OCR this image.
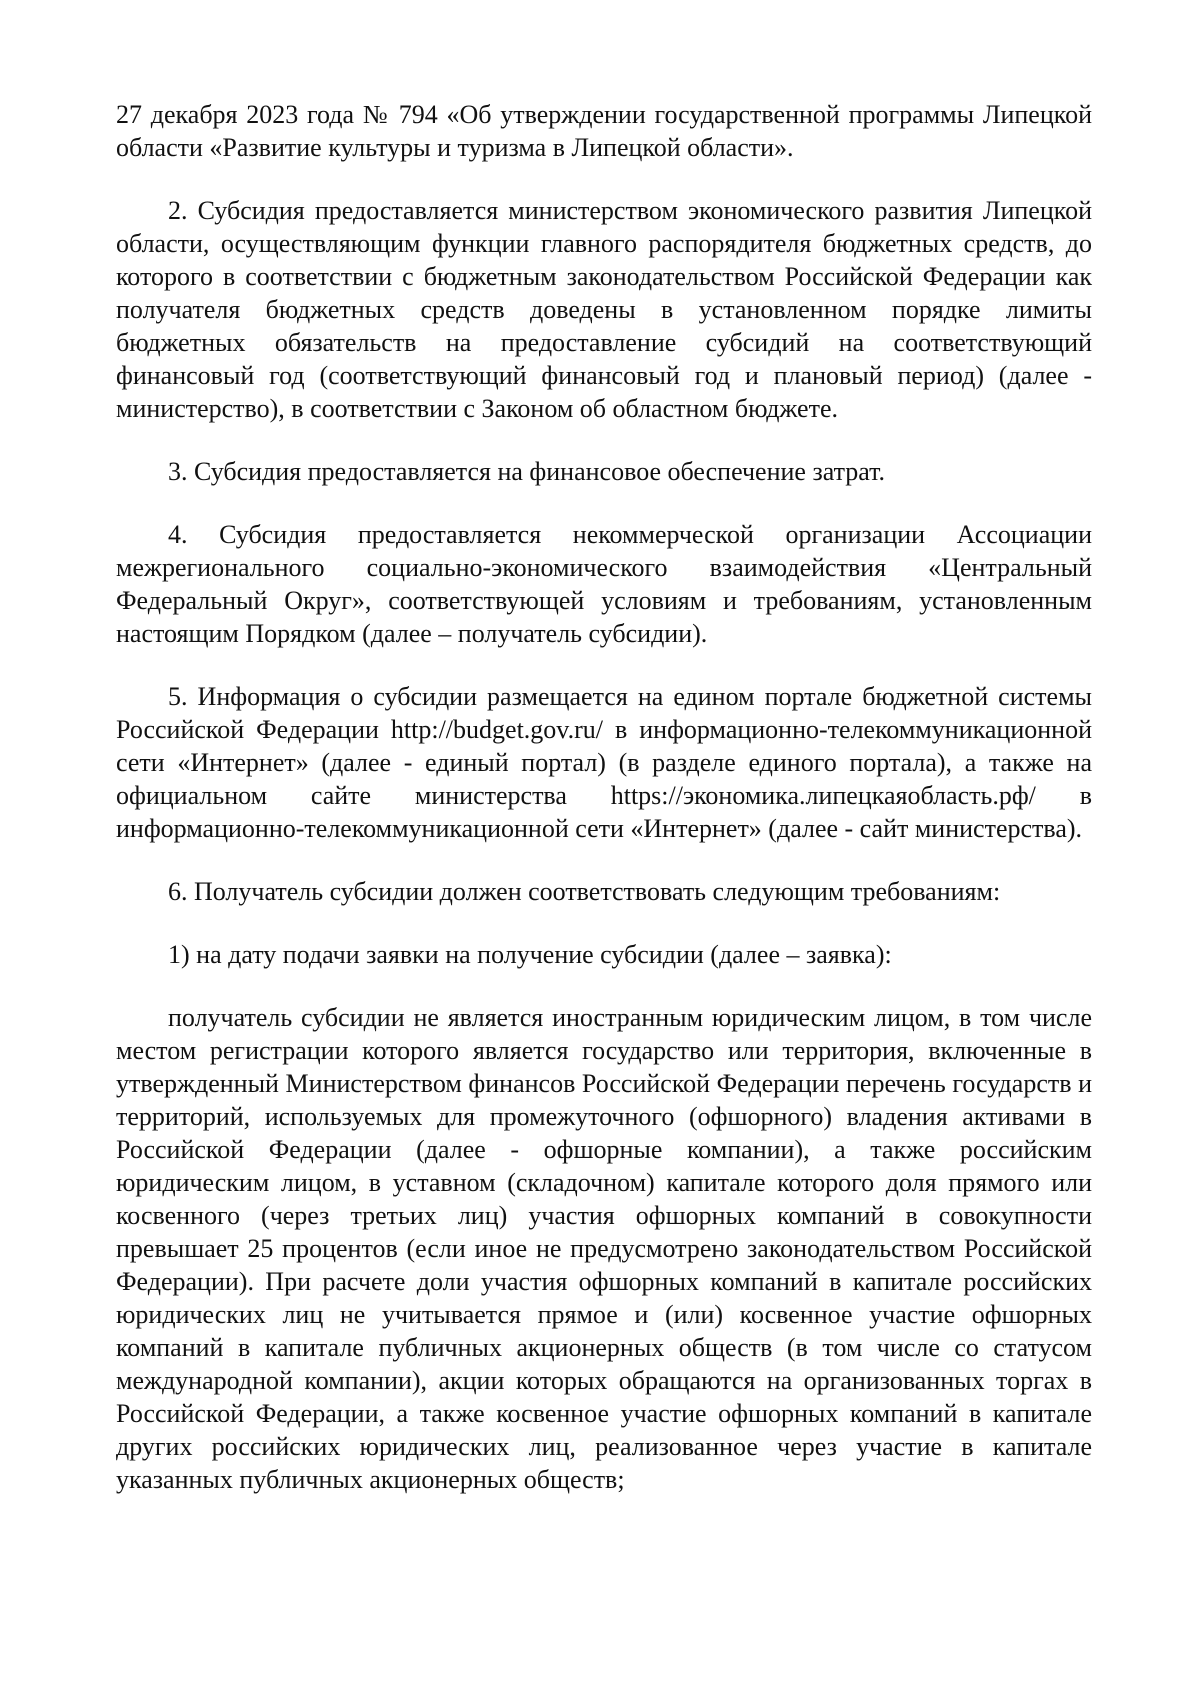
27 декабря 2023 года № 794 «Об утверждении государственной программы Липецкой области «Развитие культуры и туризма в Липецкой области».

2. Субсидия предоставляется министерством экономического развития Липецкой области, осуществляющим функции главного распорядителя бюджетных средств, до которого в соответствии с бюджетным законодательством Российской Федерации как получателя бюджетных средств доведены в установленном порядке лимиты бюджетных обязательств на предоставление субсидий на соответствующий финансовый год (соответствующий финансовый год и плановый период) (далее - министерство), в соответствии с Законом об областном бюджете.

3. Субсидия предоставляется на финансовое обеспечение затрат.

4. Субсидия предоставляется некоммерческой организации Ассоциации межрегионального социально-экономического взаимодействия «Центральный Федеральный Округ», соответствующей условиям и требованиям, установленным настоящим Порядком (далее – получатель субсидии).

5. Информация о субсидии размещается на едином портале бюджетной системы Российской Федерации http://budget.gov.ru/ в информационно-телекоммуникационной сети «Интернет» (далее - единый портал) (в разделе единого портала), а также на официальном сайте министерства https://экономика.липецкаяобласть.рф/ в информационно-телекоммуникационной сети «Интернет» (далее - сайт министерства).

6. Получатель субсидии должен соответствовать следующим требованиям:

1) на дату подачи заявки на получение субсидии (далее – заявка):

получатель субсидии не является иностранным юридическим лицом, в том числе местом регистрации которого является государство или территория, включенные в утвержденный Министерством финансов Российской Федерации перечень государств и территорий, используемых для промежуточного (офшорного) владения активами в Российской Федерации (далее - офшорные компании), а также российским юридическим лицом, в уставном (складочном) капитале которого доля прямого или косвенного (через третьих лиц) участия офшорных компаний в совокупности превышает 25 процентов (если иное не предусмотрено законодательством Российской Федерации). При расчете доли участия офшорных компаний в капитале российских юридических лиц не учитывается прямое и (или) косвенное участие офшорных компаний в капитале публичных акционерных обществ (в том числе со статусом международной компании), акции которых обращаются на организованных торгах в Российской Федерации, а также косвенное участие офшорных компаний в капитале других российских юридических лиц, реализованное через участие в капитале указанных публичных акционерных обществ;
